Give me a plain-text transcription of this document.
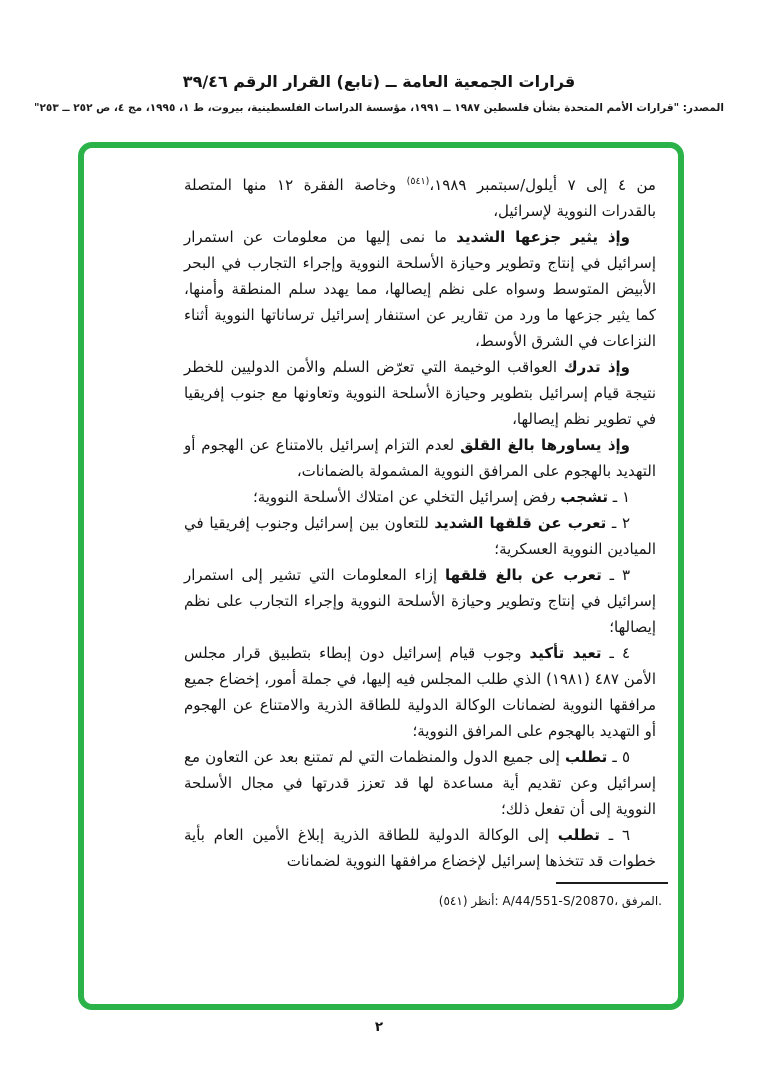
قرارات الجمعية العامة ــ (تابع) القرار الرقم ٣٩/٤٦
المصدر: "قرارات الأمم المتحدة بشأن فلسطين ١٩٨٧ ــ ١٩٩١، مؤسسة الدراسات الفلسطينية، بيروت، ط ١، ١٩٩٥، مج ٤، ص ٢٥٢ ــ ٢٥٣"

من ٤ إلى ٧ أيلول/سبتمبر ١٩٨٩،$^{(٥٤١)}$ وخاصة الفقرة ١٢ منها المتصلة بالقدرات النووية لإسرائيل،

وإذ يثير جزعها الشديد ما نمى إليها من معلومات عن استمرار إسرائيل في إنتاج وتطوير وحيازة الأسلحة النووية وإجراء التجارب في البحر الأبيض المتوسط وسواه على نظم إيصالها، مما يهدد سلم المنطقة وأمنها، كما يثير جزعها ما ورد من تقارير عن استنفار إسرائيل ترساناتها النووية أثناء النزاعات في الشرق الأوسط،

وإذ تدرك العواقب الوخيمة التي تعرّض السلم والأمن الدوليين للخطر نتيجة قيام إسرائيل بتطوير وحيازة الأسلحة النووية وتعاونها مع جنوب إفريقيا في تطوير نظم إيصالها،

وإذ يساورها بالغ القلق لعدم التزام إسرائيل بالامتناع عن الهجوم أو التهديد بالهجوم على المرافق النووية المشمولة بالضمانات،

١ ـ تشجب رفض إسرائيل التخلي عن امتلاك الأسلحة النووية؛

٢ ـ تعرب عن قلقها الشديد للتعاون بين إسرائيل وجنوب إفريقيا في الميادين النووية العسكرية؛

٣ ـ تعرب عن بالغ قلقها إزاء المعلومات التي تشير إلى استمرار إسرائيل في إنتاج وتطوير وحيازة الأسلحة النووية وإجراء التجارب على نظم إيصالها؛

٤ ـ تعيد تأكيد وجوب قيام إسرائيل دون إبطاء بتطبيق قرار مجلس الأمن ٤٨٧ (١٩٨١) الذي طلب المجلس فيه إليها، في جملة أمور، إخضاع جميع مرافقها النووية لضمانات الوكالة الدولية للطاقة الذرية والامتناع عن الهجوم أو التهديد بالهجوم على المرافق النووية؛

٥ ـ تطلب إلى جميع الدول والمنظمات التي لم تمتنع بعد عن التعاون مع إسرائيل وعن تقديم أية مساعدة لها قد تعزز قدرتها في مجال الأسلحة النووية إلى أن تفعل ذلك؛

٦ ـ تطلب إلى الوكالة الدولية للطاقة الذرية إبلاغ الأمين العام بأية خطوات قد تتخذها إسرائيل لإخضاع مرافقها النووية لضمانات

(٥٤١) أنظر: A/44/551-S/20870، المرفق.
٢
